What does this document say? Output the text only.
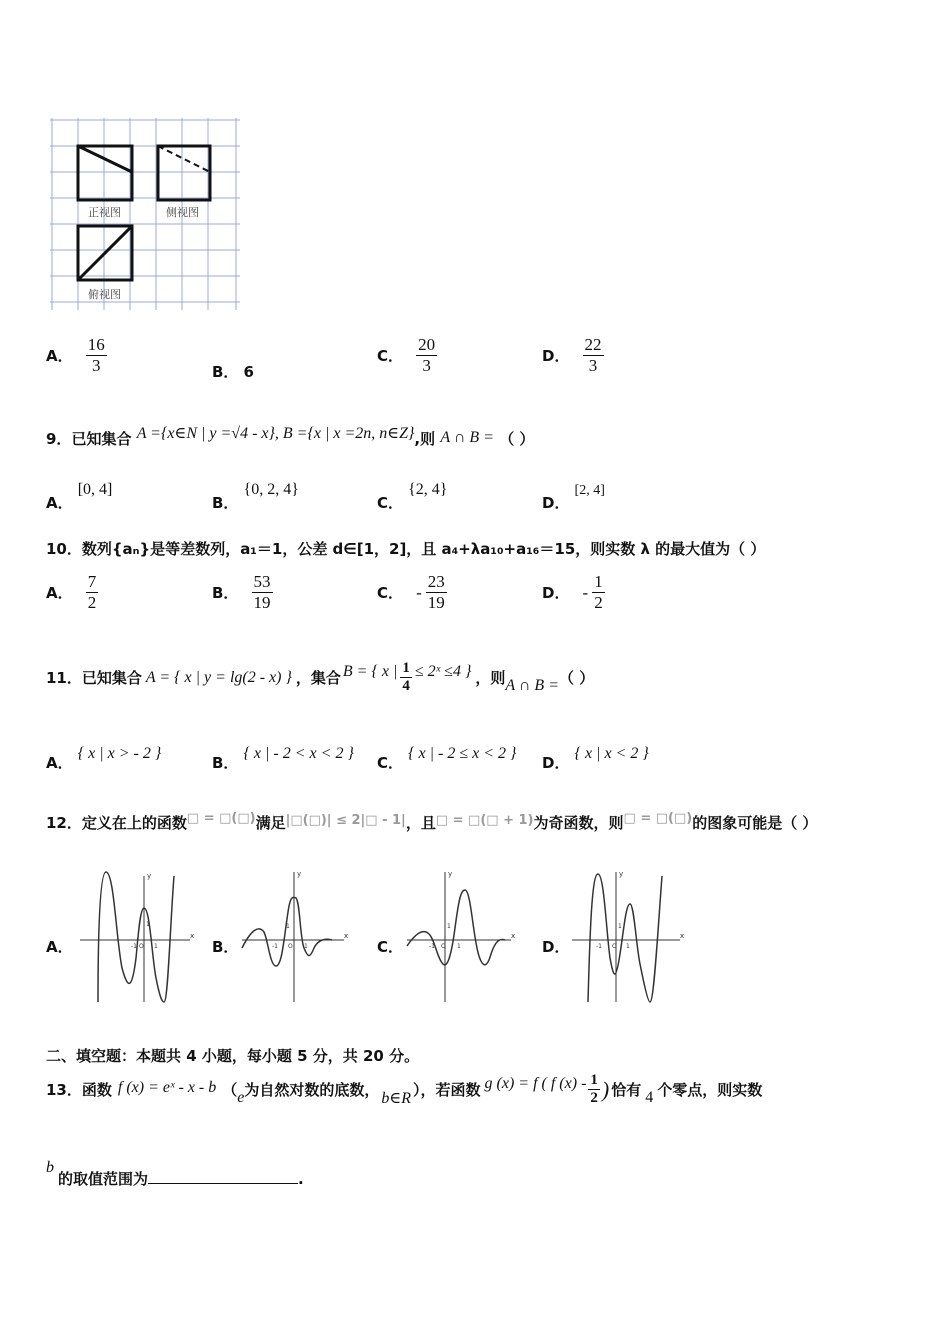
正视图	侧视图
俯视图
A． $\frac{16}{3}$	B． 6
C． $\frac{20}{3}$	D． $\frac{22}{3}$
9．已知集合 A ={x∈N | y =√4 - x}, B ={x | x =2n, n∈Z},则 A ∩ B = （ ）
A． [0, 4]
B． {0, 2, 4}
C． {2, 4}
D． [2, 4]
10．数列{aₙ}是等差数列，a₁＝1，公差 d∈[1，2]，且 a₄+λa₁₀+a₁₆＝15，则实数 λ 的最大值为（ ）
A． $\frac{7}{2}$	B． $\frac{53}{19}$	C． - $\frac{23}{19}$	D． - $\frac{1}{2}$
11．已知集合 A = { x | y = lg(2 - x) } ，集合 B = { x | $\frac{1}{4}$ ≤ 2ˣ ≤4 } ，则 A ∩ B = （ ）
A． { x | x > - 2 }
B． { x | - 2 < x < 2 }
C． { x | - 2 ≤ x < 2 }
D． { x | x < 2 }
12．定义在上的函数□ = □(□)满足|□(□)| ≤ 2|□ - 1|，且□ = □(□ + 1)为奇函数，则□ = □(□)的图象可能是（ ）
A．
x
y
-1 O 1
1
B．
x
y
-1 O 1
1
C．
x
y
-1 O 1
1
D．
x
y
-1 O 1
1
二、填空题：本题共 4 小题，每小题 5 分，共 20 分。
13．函数 f (x) = eˣ - x - b （ e 为自然对数的底数， b∈R ），若函数 g (x) = f ( f $(x) - \frac{1}{2}$ ) 恰有 4 个零点，则实数
b的取值范围为	.
